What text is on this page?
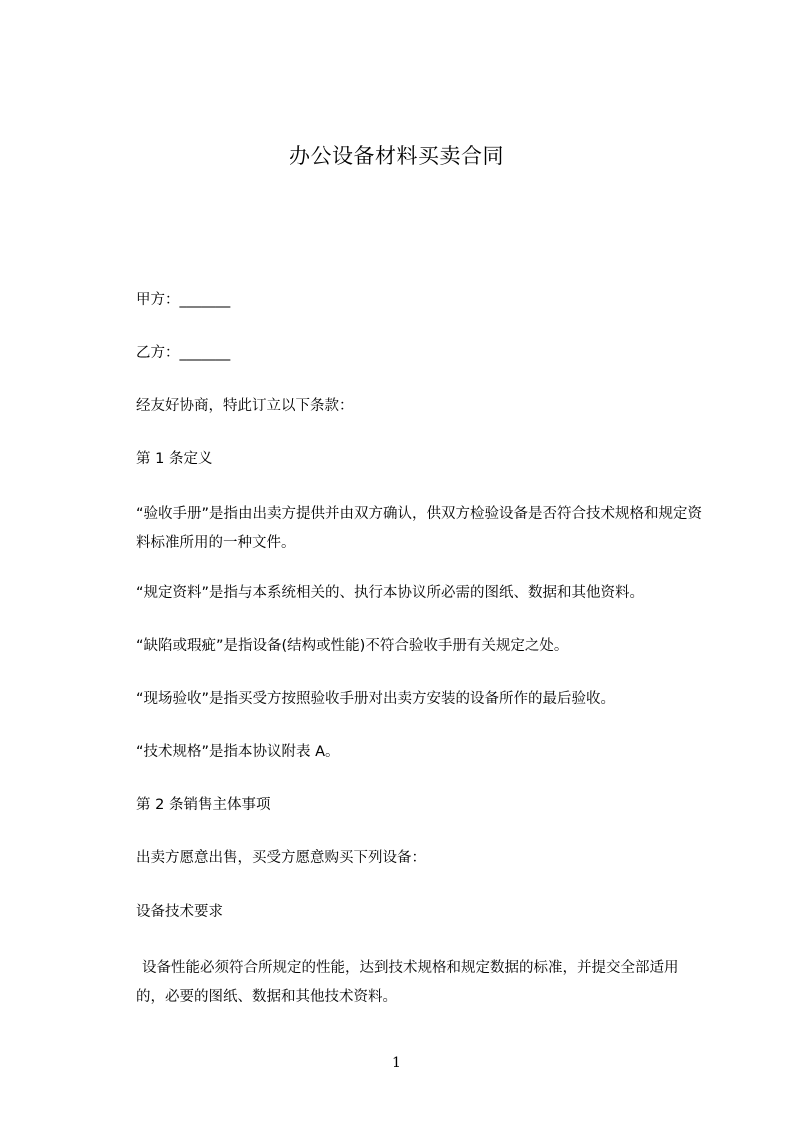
办公设备材料买卖合同

甲方：_______

乙方：_______

经友好协商，特此订立以下条款：

第 1 条定义

“验收手册”是指由出卖方提供并由双方确认，供双方检验设备是否符合技术规格和规定资料标准所用的一种文件。

“规定资料”是指与本系统相关的、执行本协议所必需的图纸、数据和其他资料。

“缺陷或瑕疵”是指设备(结构或性能)不符合验收手册有关规定之处。

“现场验收”是指买受方按照验收手册对出卖方安装的设备所作的最后验收。

“技术规格”是指本协议附表 A。

第 2 条销售主体事项

出卖方愿意出售，买受方愿意购买下列设备：

设备技术要求

设备性能必须符合所规定的性能，达到技术规格和规定数据的标准，并提交全部适用的，必要的图纸、数据和其他技术资料。

1
